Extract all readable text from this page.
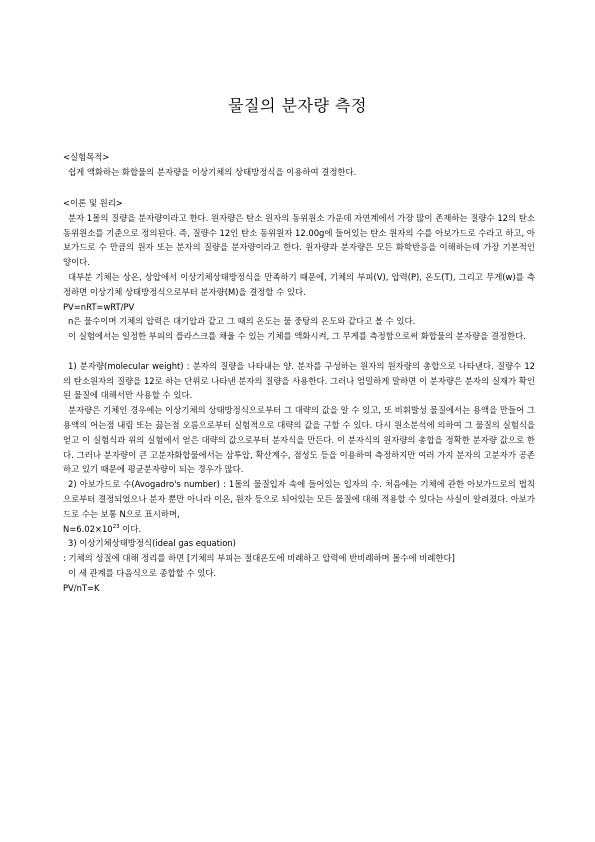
물질의 분자량 측정

<실험목적>

쉽게 액화하는 화합물의 분자량을 이상기체의 상태방정식을 이용하여 결정한다.

<이론 및 원리>

분자 1몰의 질량을 분자량이라고 한다. 원자량은 탄소 원자의 동위원소 가운데 자연계에서 가장 많이 존재하는 질량수 12의 탄소동위원소를 기준으로 정의된다. 즉, 질량수 12인 탄소 동위원자 12.00g에 들어있는 탄소 원자의 수를 아보가드로 수라고 하고, 아보가드로 수 만큼의 원자 또는 분자의 질량을 분자량이라고 한다. 원자량과 분자량은 모든 화학반응을 이해하는데 가장 기본적인 양이다.

대부분 기체는 상온, 상압에서 이상기체상태방정식을 만족하기 때문에, 기체의 부피(V), 압력(P), 온도(T), 그리고 무게(w)를 측정하면 이상기체 상태방정식으로부터 분자량(M)을 결정할 수 있다.

PV=nRT=wRT/PV

n은 물수이며 기체의 압력은 대기압과 같고 그 때의 온도는 물 중탕의 온도와 같다고 볼 수 있다.

이 실험에서는 일정한 부피의 플라스크를 채울 수 있는 기체를 액화시켜, 그 무게를 측정함으로써 화합물의 분자량을 결정한다.

1) 분자량(molecular weight) : 분자의 질량을 나타내는 양. 분자를 구성하는 원자의 원자량의 총합으로 나타낸다. 질량수 12의 탄소원자의 질량을 12로 하는 단위로 나타낸 분자의 질량을 사용한다. 그러나 엄밀하게 말하면 이 분자량은 분자의 실재가 확인된 물질에 대해서만 사용할 수 있다.

분자량은 기체인 경우에는 이상기체의 상태방정식으로부터 그 대략의 값을 알 수 있고, 또 비휘발성 물질에서는 용액을 만들어 그 용액의 어는점 내림 또는 끓는점 오름으로부터 실험적으로 대략의 값을 구할 수 있다. 다시 원소분석에 의하여 그 물질의 실험식을 얻고 이 실험식과 위의 실험에서 얻은 대략의 값으로부터 분자식을 만든다. 이 분자식의 원자량의 총합을 정확한 분자량 값으로 한다. 그러나 분자량이 큰 고분자화합물에서는 삼투압, 확산계수, 점성도 등을 이용하여 측정하지만 여러 가지 분자의 고분자가 공존하고 있기 때문에 평균분자량이 되는 경우가 많다.

2) 아보가드로 수(Avogadro's number) : 1몰의 물질입자 속에 들어있는 입자의 수. 처음에는 기체에 관한 아보가드로의 법칙으로부터 결정되었으나 분자 뿐만 아니라 이온, 원자 등으로 되어있는 모든 물질에 대해 적용할 수 있다는 사실이 알려졌다. 아보가드로 수는 보통 N으로 표시하며,

$N=6.02\times 10^{23}$ 이다.

3) 이상기체상태방정식(ideal gas equation)

: 기체의 성질에 대해 정리를 하면 [기체의 부피는 절대온도에 비례하고 압력에 반비례하며 몰수에 비례한다]

이 세 관계를 다음식으로 종합할 수 있다.

PV/nT=K
